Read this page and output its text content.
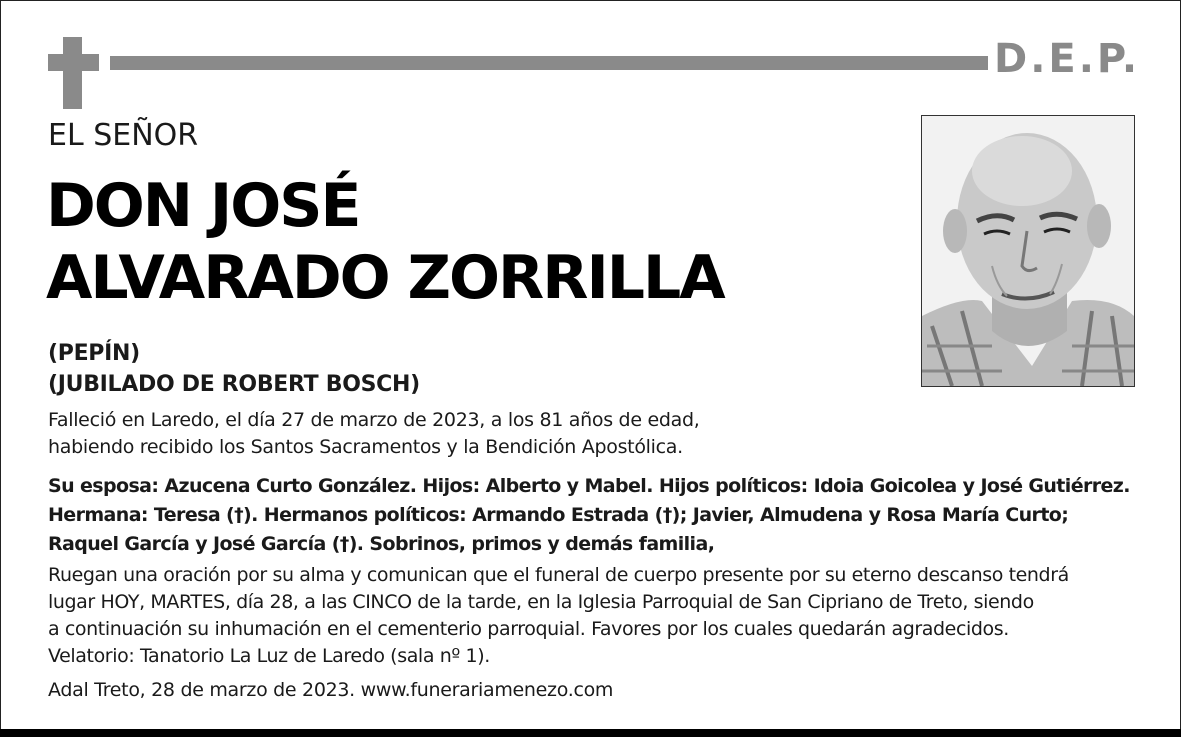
D.E.P.
EL SEÑOR
DON JOSÉ
ALVARADO ZORRILLA
(PEPÍN)
(JUBILADO DE ROBERT BOSCH)
Falleció en Laredo, el día 27 de marzo de 2023, a los 81 años de edad,
habiendo recibido los Santos Sacramentos y la Bendición Apostólica.
Su esposa: Azucena Curto González. Hijos: Alberto y Mabel. Hijos políticos: Idoia Goicolea y José Gutiérrez.
Hermana: Teresa (†). Hermanos políticos: Armando Estrada (†); Javier, Almudena y Rosa María Curto;
Raquel García y José García (†). Sobrinos, primos y demás familia,
Ruegan una oración por su alma y comunican que el funeral de cuerpo presente por su eterno descanso tendrá
lugar HOY, MARTES, día 28, a las CINCO de la tarde, en la Iglesia Parroquial de San Cipriano de Treto, siendo
a continuación su inhumación en el cementerio parroquial. Favores por los cuales quedarán agradecidos.
Velatorio: Tanatorio La Luz de Laredo (sala nº 1).
Adal Treto, 28 de marzo de 2023. www.funerariamenezo.com
